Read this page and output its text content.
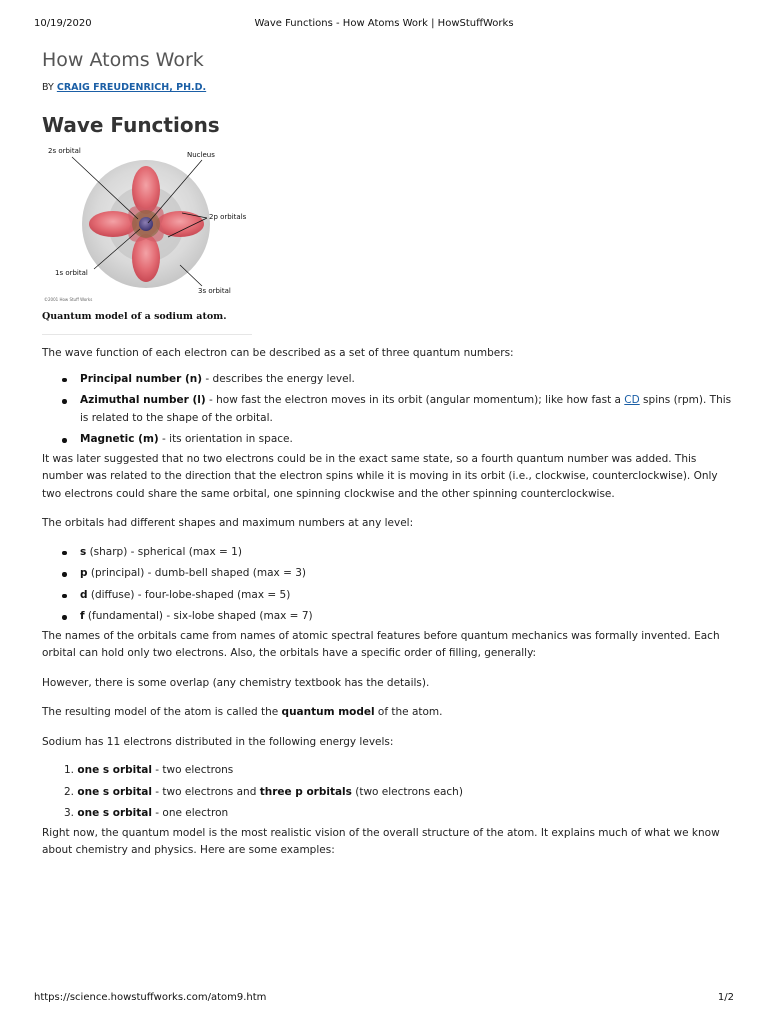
10/19/2020	Wave Functions - How Atoms Work | HowStuffWorks
How Atoms Work
BY CRAIG FREUDENRICH, PH.D.
Wave Functions
2s orbital	Nucleus
2p orbitals
1s orbital
3s orbital
©2001 How Stuff Works
Quantum model of a sodium atom.

The wave function of each electron can be described as a set of three quantum numbers:

Principal number (n) - describes the energy level.
Azimuthal number (l) - how fast the electron moves in its orbit (angular momentum); like how fast a CD spins (rpm). This is related to the shape of the orbital.
Magnetic (m) - its orientation in space.

It was later suggested that no two electrons could be in the exact same state, so a fourth quantum number was added. This number was related to the direction that the electron spins while it is moving in its orbit (i.e., clockwise, counterclockwise). Only two electrons could share the same orbital, one spinning clockwise and the other spinning counterclockwise.

The orbitals had different shapes and maximum numbers at any level:

s (sharp) - spherical (max = 1)
p (principal) - dumb-bell shaped (max = 3)
d (diffuse) - four-lobe-shaped (max = 5)
f (fundamental) - six-lobe shaped (max = 7)

The names of the orbitals came from names of atomic spectral features before quantum mechanics was formally invented. Each orbital can hold only two electrons. Also, the orbitals have a specific order of filling, generally:

However, there is some overlap (any chemistry textbook has the details).

The resulting model of the atom is called the quantum model of the atom.

Sodium has 11 electrons distributed in the following energy levels:

1. one s orbital - two electrons
2. one s orbital - two electrons and three p orbitals (two electrons each)
3. one s orbital - one electron

Right now, the quantum model is the most realistic vision of the overall structure of the atom. It explains much of what we know about chemistry and physics. Here are some examples:

https://science.howstuffworks.com/atom9.htm	1/2
